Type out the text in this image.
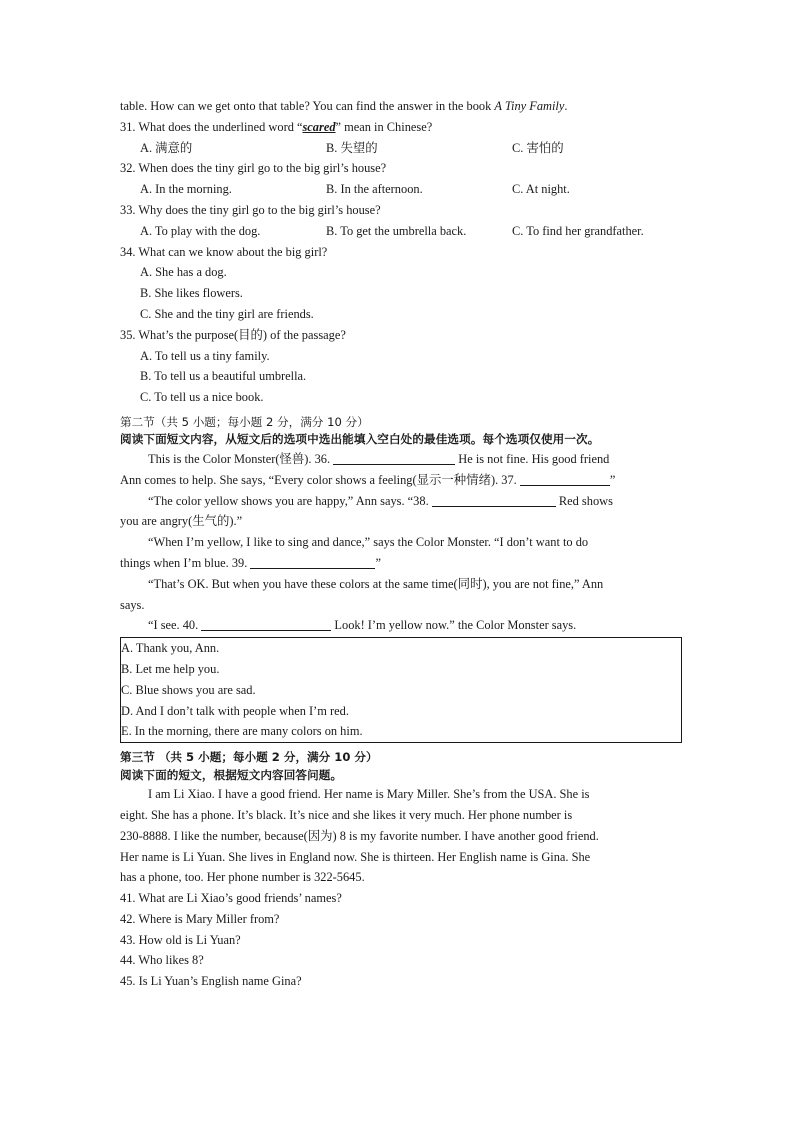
table. How can we get onto that table? You can find the answer in the book A Tiny Family.
31. What does the underlined word “scared” mean in Chinese?
A. 满意的	B. 失望的	C. 害怕的
32. When does the tiny girl go to the big girl’s house?
A. In the morning.	B. In the afternoon.	C. At night.
33. Why does the tiny girl go to the big girl’s house?
A. To play with the dog.	B. To get the umbrella back.	C. To find her grandfather.
34. What can we know about the big girl?
A. She has a dog.
B. She likes flowers.
C. She and the tiny girl are friends.
35. What’s the purpose(目的) of the passage?
A. To tell us a tiny family.
B. To tell us a beautiful umbrella.
C. To tell us a nice book.
第二节（共 5 小题；每小题 2 分，满分 10 分）
阅读下面短文内容，从短文后的选项中选出能填入空白处的最佳选项。每个选项仅使用一次。
This is the Color Monster(怪兽). 36.	He is not fine. His good friend
Ann comes to help. She says, “Every color shows a feeling(显示一种情绪). 37.	”
“The color yellow shows you are happy,” Ann says. “38.	Red shows
you are angry(生气的).”
“When I’m yellow, I like to sing and dance,” says the Color Monster. “I don’t want to do
things when I’m blue. 39.	”
“That’s OK. But when you have these colors at the same time(同时), you are not fine,” Ann
says.
“I see. 40.	Look! I’m yellow now.” the Color Monster says.
A. Thank you, Ann.
B. Let me help you.
C. Blue shows you are sad.
D. And I don’t talk with people when I’m red.
E. In the morning, there are many colors on him.
第三节 （共 5 小题；每小题 2 分，满分 10 分）
阅读下面的短文，根据短文内容回答问题。
I am Li Xiao. I have a good friend. Her name is Mary Miller. She’s from the USA. She is
eight. She has a phone. It’s black. It’s nice and she likes it very much. Her phone number is
230-8888. I like the number, because(因为) 8 is my favorite number. I have another good friend.
Her name is Li Yuan. She lives in England now. She is thirteen. Her English name is Gina. She
has a phone, too. Her phone number is 322-5645.
41. What are Li Xiao’s good friends’ names?
42. Where is Mary Miller from?
43. How old is Li Yuan?
44. Who likes 8?
45. Is Li Yuan’s English name Gina?
